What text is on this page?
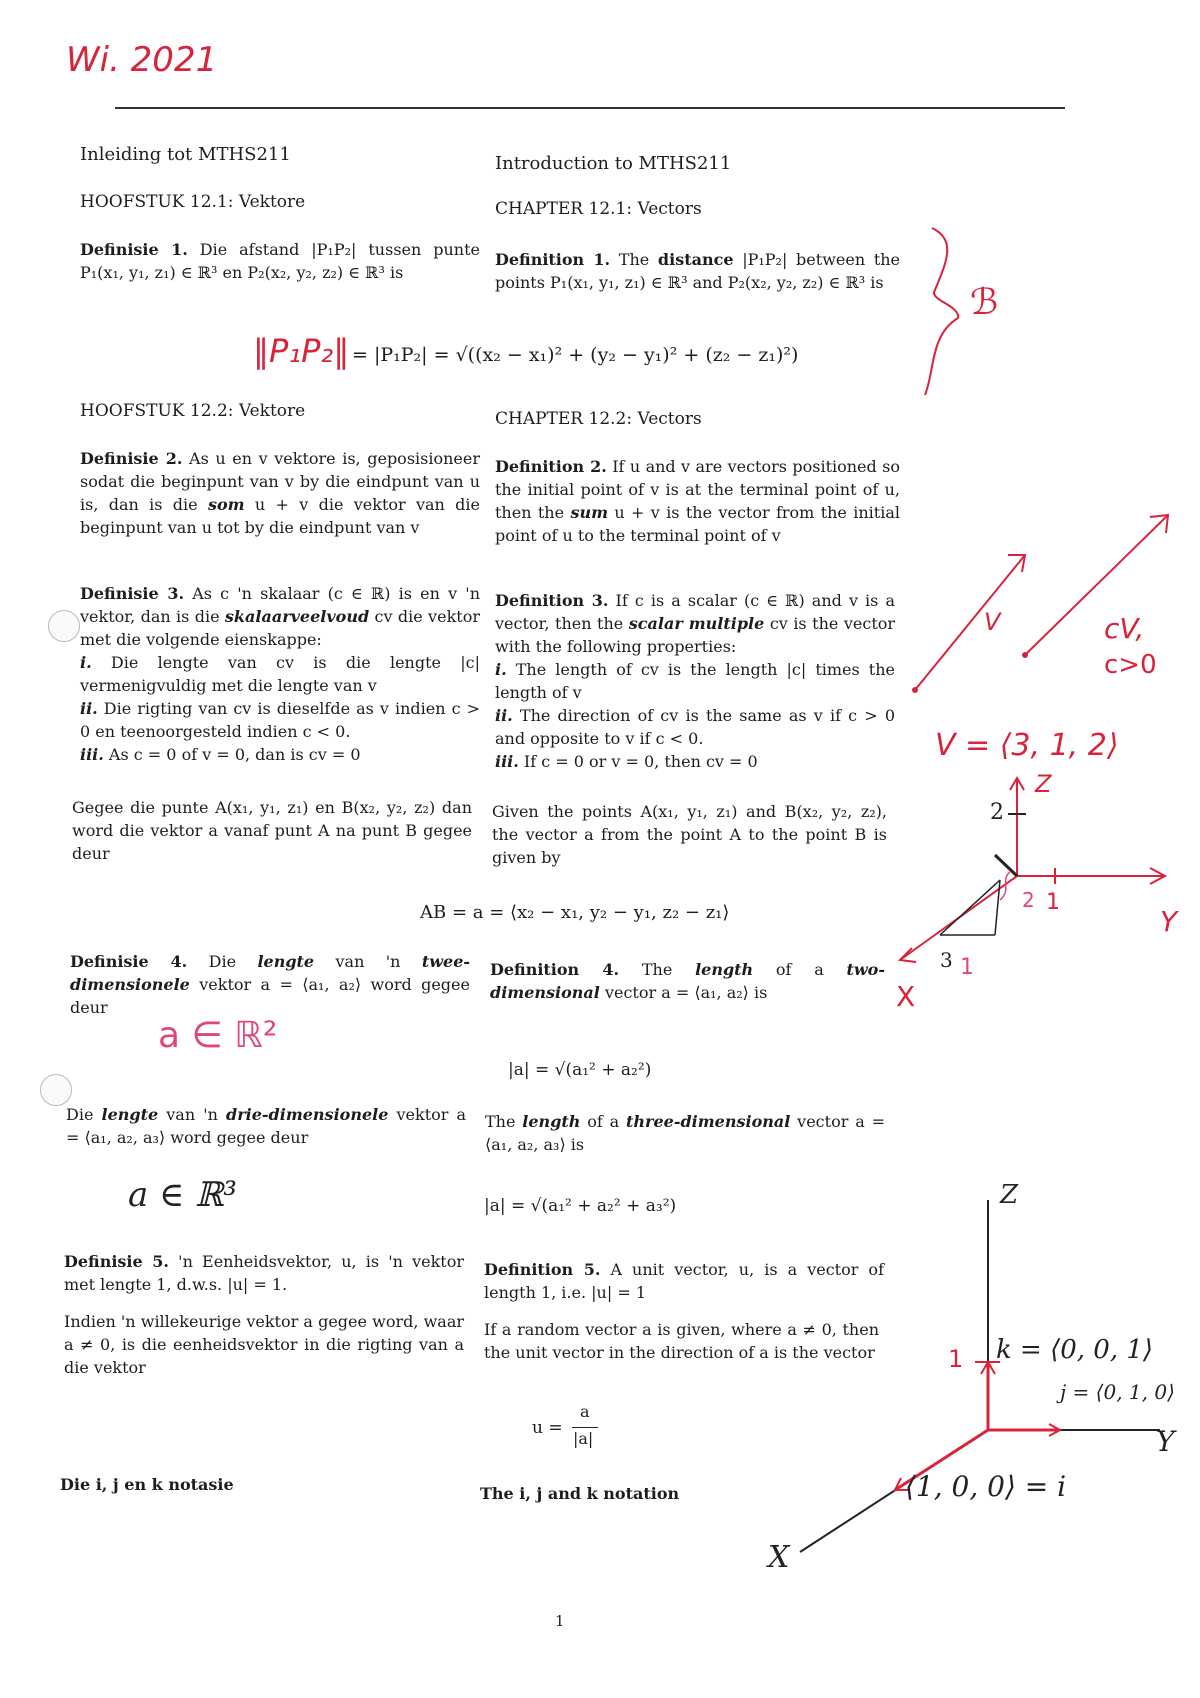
Wi. 2021
Inleiding tot MTHS211
HOOFSTUK 12.1: Vektore

Definisie 1. Die afstand |P₁P₂| tussen punte P₁(x₁, y₁, z₁) ∈ ℝ³ en P₂(x₂, y₂, z₂) ∈ ℝ³ is

Introduction to MTHS211
CHAPTER 12.1: Vectors

Definition 1. The distance |P₁P₂| between the points P₁(x₁, y₁, z₁) ∈ ℝ³ and P₂(x₂, y₂, z₂) ∈ ℝ³ is

‖P₁P₂‖ = |P₁P₂| = √((x₂ − x₁)² + (y₂ − y₁)² + (z₂ − z₁)²)
HOOFSTUK 12.2: Vektore	CHAPTER 12.2: Vectors

Definisie 2. As u en v vektore is, geposisioneer sodat die beginpunt van v by die eindpunt van u is, dan is die som u + v die vektor van die beginpunt van u tot by die eindpunt van v

Definition 2. If u and v are vectors positioned so the initial point of v is at the terminal point of u, then the sum u + v is the vector from the initial point of u to the terminal point of v

Definisie 3. As c 'n skalaar (c ∈ ℝ) is en v 'n vektor, dan is die skalaarveelvoud cv die vektor met die volgende eienskappe:

i. Die lengte van cv is die lengte |c| vermenigvuldig met die lengte van v

ii. Die rigting van cv is dieselfde as v indien c > 0 en teenoorgesteld indien c < 0.

iii. As c = 0 of v = 0, dan is cv = 0

Definition 3. If c is a scalar (c ∈ ℝ) and v is a vector, then the scalar multiple cv is the vector with the following properties:

i. The length of cv is the length |c| times the length of v

ii. The direction of cv is the same as v if c > 0 and opposite to v if c < 0.

iii. If c = 0 or v = 0, then cv = 0

Gegee die punte A(x₁, y₁, z₁) en B(x₂, y₂, z₂) dan word die vektor a vanaf punt A na punt B gegee deur

Given the points A(x₁, y₁, z₁) and B(x₂, y₂, z₂), the vector a from the point A to the point B is given by

AB = a = ⟨x₂ − x₁, y₂ − y₁, z₂ − z₁⟩

Definisie 4. Die lengte van 'n twee-dimensionele vektor a = ⟨a₁, a₂⟩ word gegee deur

Definition 4. The length of a two-dimensional vector a = ⟨a₁, a₂⟩ is

a ∈ ℝ²
|a| = √(a₁² + a₂²)

Die lengte van 'n drie-dimensionele vektor a = ⟨a₁, a₂, a₃⟩ word gegee deur

The length of a three-dimensional vector a = ⟨a₁, a₂, a₃⟩ is

a ∈ ℝ³	|a| = √(a₁² + a₂² + a₃²)

Definisie 5. 'n Eenheidsvektor, u, is 'n vektor met lengte 1, d.w.s. |u| = 1.

Definition 5. A unit vector, u, is a vector of length 1, i.e. |u| = 1

Indien 'n willekeurige vektor a gegee word, waar a ≠ 0, is die eenheidsvektor in die rigting van a die vektor

If a random vector a is given, where a ≠ 0, then the unit vector in the direction of a is the vector

u =
a
|a|
Die i, j en k notasie	The i, j and k notation
1
ℬ
V	cV,
c>0
V = ⟨3, 1, 2⟩
Z
2
2 1
Y
3 1
X
Z
1 k = ⟨0, 0, 1⟩
j = ⟨0, 1, 0⟩
Y
⟨1, 0, 0⟩ = i
X
